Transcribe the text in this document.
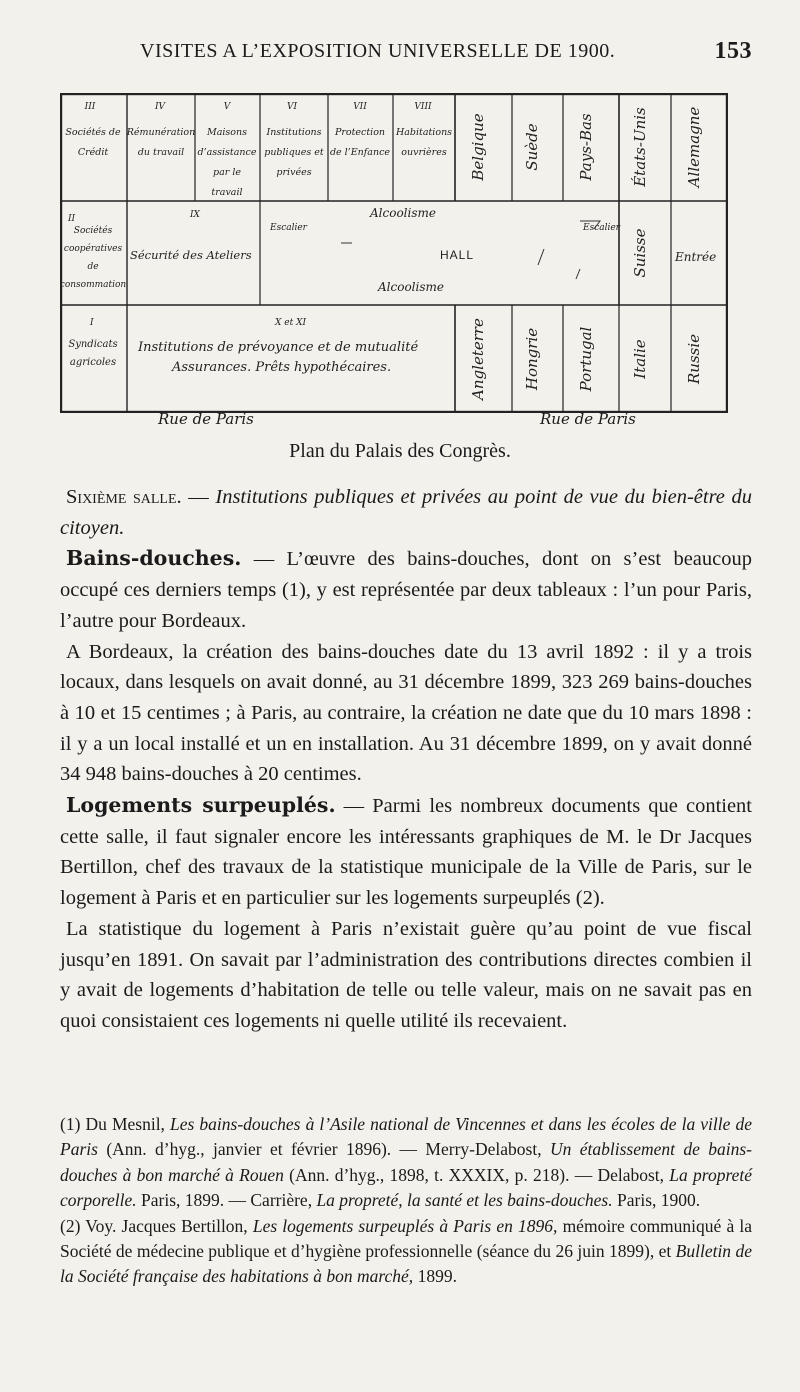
VISITES A L’EXPOSITION UNIVERSELLE DE 1900.	153
III	IV	V	VI	VII	VIII
Sociétés de
Crédit
Rémunération
du travail
Maisons
d’assistance
par le
travail
Institutions
publiques et
privées
Protection
de l’Enfance
Habitations
ouvrières Belgique Suède Pays-Bas États-Unis Allemagne
II
Sociétés
coopératives
de
consommation
IX
Sécurité des Ateliers
Alcoolisme
Escalier	Escalier
HALL
Alcoolisme
Entrée
Suisse
I
Syndicats
agricoles
X et XI
Institutions de prévoyance et de mutualité
Assurances. Prêts hypothécaires.	Angleterre Hongrie Portugal Italie Russie
Rue de Paris	Rue de Paris
Plan du Palais des Congrès.

Sixième salle. — Institutions publiques et privées au point de vue du bien-être du citoyen.

Bains-douches. — L’œuvre des bains-douches, dont on s’est beaucoup occupé ces derniers temps (1), y est représentée par deux tableaux : l’un pour Paris, l’autre pour Bordeaux.

A Bordeaux, la création des bains-douches date du 13 avril 1892 : il y a trois locaux, dans lesquels on avait donné, au 31 décembre 1899, 323 269 bains-douches à 10 et 15 centimes ; à Paris, au contraire, la création ne date que du 10 mars 1898 : il y a un local installé et un en installation. Au 31 décembre 1899, on y avait donné 34 948 bains-douches à 20 centimes.

Logements surpeuplés. — Parmi les nombreux documents que contient cette salle, il faut signaler encore les intéressants graphiques de M. le Dr Jacques Bertillon, chef des travaux de la statistique municipale de la Ville de Paris, sur le logement à Paris et en particulier sur les logements surpeuplés (2).

La statistique du logement à Paris n’existait guère qu’au point de vue fiscal jusqu’en 1891. On savait par l’administration des contributions directes combien il y avait de logements d’habitation de telle ou telle valeur, mais on ne savait pas en quoi consistaient ces logements ni quelle utilité ils recevaient.

(1) Du Mesnil, Les bains-douches à l’Asile national de Vincennes et dans les écoles de la ville de Paris (Ann. d’hyg., janvier et février 1896). — Merry-Delabost, Un établissement de bains-douches à bon marché à Rouen (Ann. d’hyg., 1898, t. XXXIX, p. 218). — Delabost, La propreté corporelle. Paris, 1899. — Carrière, La propreté, la santé et les bains-douches. Paris, 1900.

(2) Voy. Jacques Bertillon, Les logements surpeuplés à Paris en 1896, mémoire communiqué à la Société de médecine publique et d’hygiène professionnelle (séance du 26 juin 1899), et Bulletin de la Société française des habitations à bon marché, 1899.
